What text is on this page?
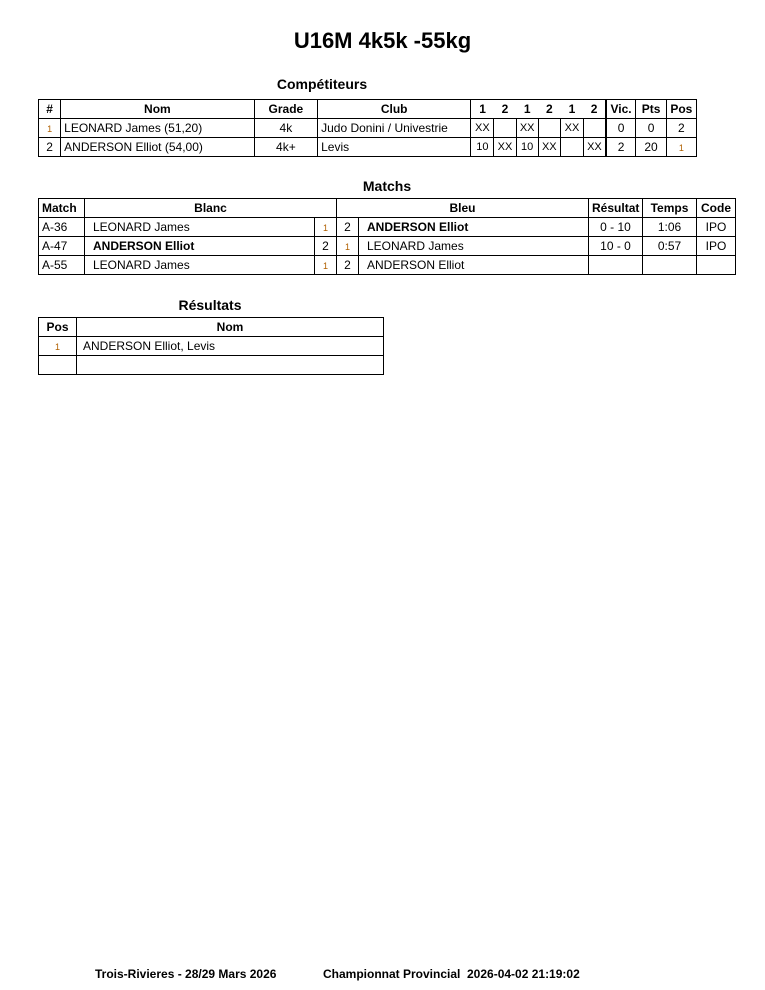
U16M 4k5k -55kg
Compétiteurs
#	Nom	Grade	Club	1	2	1	2	1	2	Vic.	Pts	Pos
1	LEONARD James (51,20)	4k	Judo Donini / Univestrie	XX		XX		XX		0	0	2
2	ANDERSON Elliot (54,00)	4k+	Levis	10	XX	10	XX		XX	2	20	1
Matchs
Match	Blanc		Bleu		Résultat	Temps	Code
A-36	LEONARD James	1	2	ANDERSON Elliot	0 - 10	1:06	IPO
A-47	ANDERSON Elliot	2	1	LEONARD James	10 - 0	0:57	IPO
A-55	LEONARD James	1	2	ANDERSON Elliot			
Résultats
Pos	Nom
1	ANDERSON Elliot, Levis

Trois-Rivieres - 28/29 Mars 2026	Championnat Provincial 2026-04-02 21:19:02
